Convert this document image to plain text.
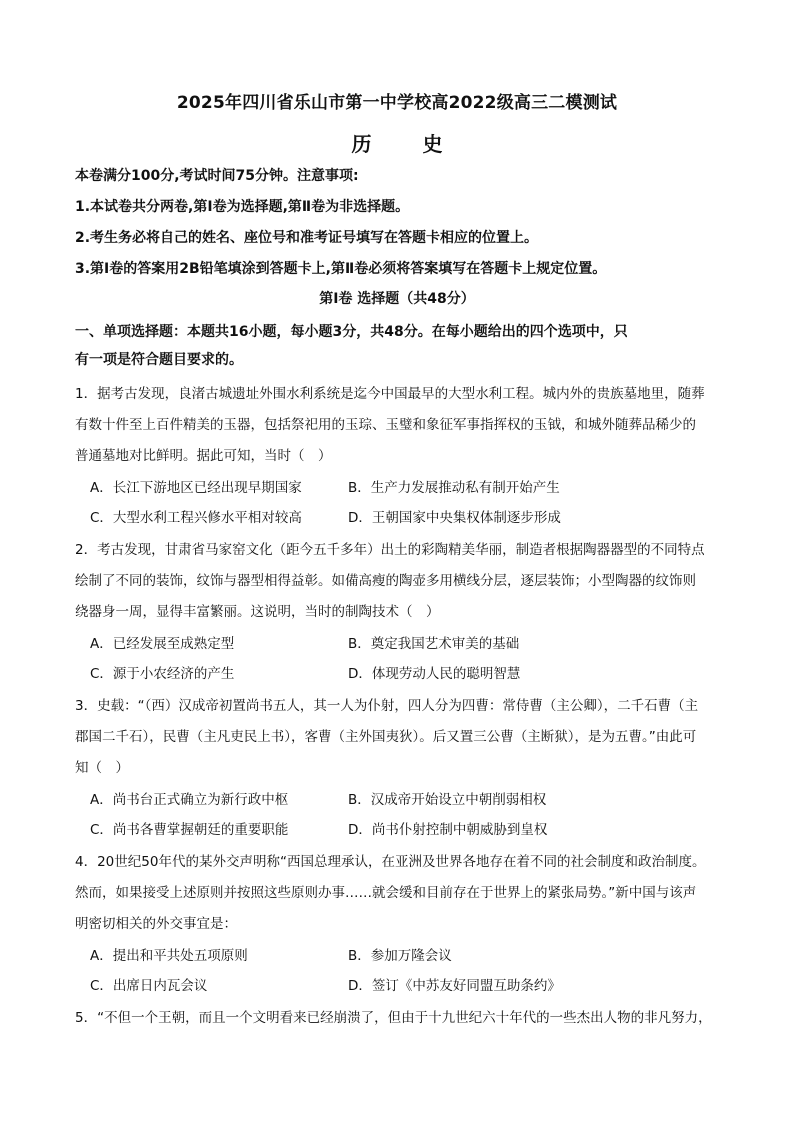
2025年四川省乐山市第一中学校高2022级高三二模测试
历 史
本卷满分100分,考试时间75分钟。注意事项:
1.本试卷共分两卷,第Ⅰ卷为选择题,第Ⅱ卷为非选择题。
2.考生务必将自己的姓名、座位号和准考证号填写在答题卡相应的位置上。
3.第Ⅰ卷的答案用2B铅笔填涂到答题卡上,第Ⅱ卷必须将答案填写在答题卡上规定位置。
第Ⅰ卷 选择题（共48分）
一、单项选择题：本题共16小题，每小题3分，共48分。在每小题给出的四个选项中，只
有一项是符合题目要求的。
1．据考古发现，良渚古城遗址外围水利系统是迄今中国最早的大型水利工程。城内外的贵族墓地里，随葬
有数十件至上百件精美的玉器，包括祭祀用的玉琮、玉璧和象征军事指挥权的玉钺，和城外随葬品稀少的
普通墓地对比鲜明。据此可知，当时（　）
A．长江下游地区已经出现早期国家	B．生产力发展推动私有制开始产生
C．大型水利工程兴修水平相对较高	D．王朝国家中央集权体制逐步形成
2．考古发现，甘肃省马家窑文化（距今五千多年）出土的彩陶精美华丽，制造者根据陶器器型的不同特点
绘制了不同的装饰，纹饰与器型相得益彰。如備高瘦的陶壶多用横线分层，逐层装饰；小型陶器的纹饰则
绕器身一周，显得丰富繁丽。这说明，当时的制陶技术（　）
A．已经发展至成熟定型	B．奠定我国艺术审美的基础
C．源于小农经济的产生	D．体现劳动人民的聪明智慧
3．史载：“（西）汉成帝初置尚书五人，其一人为仆射，四人分为四曹：常侍曹（主公卿），二千石曹（主
郡国二千石），民曹（主凡吏民上书），客曹（主外国夷狄）。后又置三公曹（主断狱），是为五曹。”由此可
知（　）
A．尚书台正式确立为新行政中枢	B．汉成帝开始设立中朝削弱相权
C．尚书各曹掌握朝廷的重要职能	D．尚书仆射控制中朝威胁到皇权
4．20世纪50年代的某外交声明称“西国总理承认，在亚洲及世界各地存在着不同的社会制度和政治制度。
然而，如果接受上述原则并按照这些原则办事……就会缓和目前存在于世界上的紧张局势。”新中国与该声
明密切相关的外交事宜是：
A．提出和平共处五项原则	B．参加万隆会议
C．出席日内瓦会议	D．签订《中苏友好同盟互助条约》
5．“不但一个王朝，而且一个文明看来已经崩溃了，但由于十九世纪六十年代的一些杰出人物的非凡努力，
